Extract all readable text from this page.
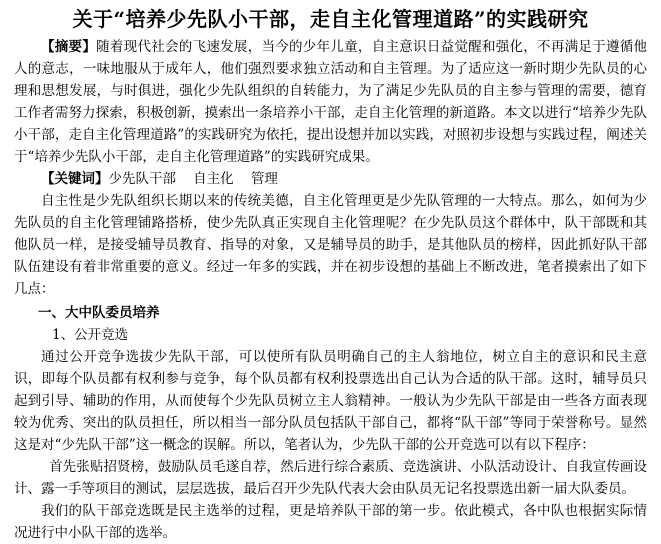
关于“培养少先队小干部，走自主化管理道路”的实践研究

【摘要】随着现代社会的飞速发展，当今的少年儿童，自主意识日益觉醒和强化，不再满足于遵循他人的意志，一味地服从于成年人，他们强烈要求独立活动和自主管理。为了适应这一新时期少先队员的心理和思想发展，与时俱进，强化少先队组织的自转能力，为了满足少先队员的自主参与管理的需要，德育工作者需努力探索，积极创新，摸索出一条培养小干部，走自主化管理的新道路。本文以进行“培养少先队小干部，走自主化管理道路”的实践研究为依托，提出设想并加以实践，对照初步设想与实践过程，阐述关于“培养少先队小干部，走自主化管理道路”的实践研究成果。

【关键词】少先队干部    自主化    管理

自主性是少先队组织长期以来的传统美德，自主化管理更是少先队管理的一大特点。那么，如何为少先队员的自主化管理铺路搭桥，使少先队真正实现自主化管理呢？在少先队员这个群体中，队干部既和其他队员一样，是接受辅导员教育、指导的对象，又是辅导员的助手，是其他队员的榜样，因此抓好队干部队伍建设有着非常重要的意义。经过一年多的实践，并在初步设想的基础上不断改进，笔者摸索出了如下几点：

一、大中队委员培养
1、公开竞选

通过公开竞争选拔少先队干部，可以使所有队员明确自己的主人翁地位，树立自主的意识和民主意识，即每个队员都有权利参与竞争，每个队员都有权利投票选出自己认为合适的队干部。这时，辅导员只起到引导、辅助的作用，从而使每个少先队员树立主人翁精神。一般认为少先队干部是由一些各方面表现较为优秀、突出的队员担任，所以相当一部分队员包括队干部自己，都将“队干部”等同于荣誉称号。显然这是对“少先队干部”这一概念的误解。所以，笔者认为，少先队干部的公开竞选可以有以下程序：

首先张贴招贤榜，鼓励队员毛遂自荐，然后进行综合素质、竞选演讲、小队活动设计、自我宣传画设计、露一手等项目的测试，层层选拔，最后召开少先队代表大会由队员无记名投票选出新一届大队委员。

我们的队干部竞选既是民主选举的过程，更是培养队干部的第一步。依此模式，各中队也根据实际情况进行中小队干部的选举。
